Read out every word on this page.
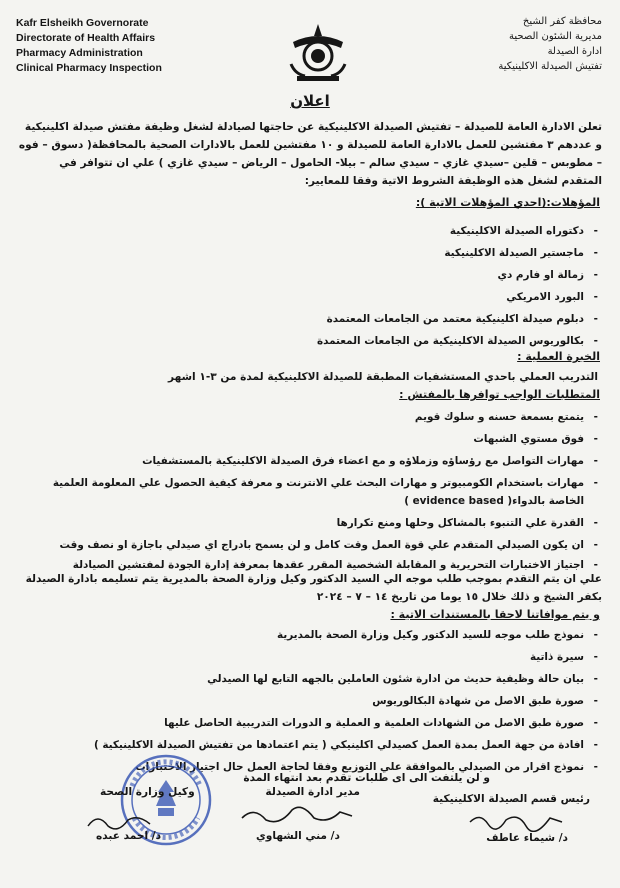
Kafr Elsheikh Governorate
Directorate of Health Affairs
Pharmacy Administration
Clinical Pharmacy Inspection
محافظة كفر الشيخ
مديرية الشئون الصحية
ادارة الصيدلة
تفتيش الصيدلة الاكلينيكية
اعلان
تعلن الادارة العامة للصيدلة – تفتيش الصيدلة الاكلينيكية عن حاجتها لصيادلة لشغل وظيفة مفتش صيدلة اكلينيكية و عددهم ٣ مفتشين للعمل بالادارة العامة للصيدلة و ١٠ مفتشين للعمل بالادارات الصحية بالمحافظة( دسوق – فوه – مطوبس – قلين –سيدي غازي – سيدي سالم – بيلا- الحامول – الرياض – سيدي غازي ) علي ان تتوافر في المتقدم لشغل هذه الوظيفة الشروط الاتية وفقا للمعايير:
المؤهلات:(احدي المؤهلات الاتية ):
- دكتوراه الصيدلة الاكلينيكية
- ماجستير الصيدلة الاكلينيكية
- زمالة او فارم دي
- البورد الامريكي
- دبلوم صيدلة اكلينيكية معتمد من الجامعات المعتمدة
- بكالوريوس الصيدلة الاكلينيكية من الجامعات المعتمدة
الخبرة العملية :
التدريب العملي باحدي المستشفيات المطبقة للصيدلة الاكلينيكية لمدة من ٣-١ اشهر
المتطلبات الواجب توافرها بالمفتش :
- يتمتع بسمعة حسنه و سلوك قويم
- فوق مستوي الشبهات
- مهارات التواصل مع رؤساؤه وزملاؤه و مع اعضاء فرق الصيدلة الاكلينيكية بالمستشفيات
- مهارات باستخدام الكومبيوتر و مهارات البحث علي الانترنت و معرفة كيفية الحصول علي المعلومة العلمية الخاصة بالدواء( evidence based )
- القدرة علي التنبوء بالمشاكل وحلها ومنع تكرارها
- ان يكون الصيدلي المتقدم علي قوة العمل وقت كامل و لن يسمح بادراج اي صيدلي باجازة او نصف وقت
- اجتياز الاختبارات التحريرية و المقابلة الشخصية المقرر عقدها بمعرفة إدارة الجودة لمفتشين الصيادلة
علي ان يتم التقدم بموجب طلب موجه الي السيد الدكتور وكيل وزارة الصحة بالمديرية يتم تسليمه بادارة الصيدلة بكفر الشيخ و ذلك خلال ١٥ يوما من تاريخ ١٤ – ٧ – ٢٠٢٤
و يتم موافاتنا لاحقا بالمستندات الاتية :
- نموذج طلب موجه للسيد الدكتور وكيل وزارة الصحة بالمديرية
- سيرة ذاتية
- بيان حالة وظيفية حديث من ادارة شئون العاملين بالجهه التابع لها الصيدلي
- صورة طبق الاصل من شهادة البكالوريوس
- صورة طبق الاصل من الشهادات العلمية و العملية و الدورات التدريبية الحاصل عليها
- افادة من جهة العمل بمدة العمل كصيدلي اكلينيكي ( يتم اعتمادها من تفتيش الصيدلة الاكلينيكية )
- نموذج اقرار من الصيدلي بالموافقة علي التوزيع وفقا لحاجة العمل حال اجتياز الاختبارات
و لن يلتفت الى اى طلبات تقدم بعد انتهاء المدة
رئيس قسم الصيدلة الاكلينيكية
د/ شيماء عاطف
مدير ادارة الصيدلة
د/ مني الشهاوي
وكيل وزارة الصحة
د/ احمد عبده
